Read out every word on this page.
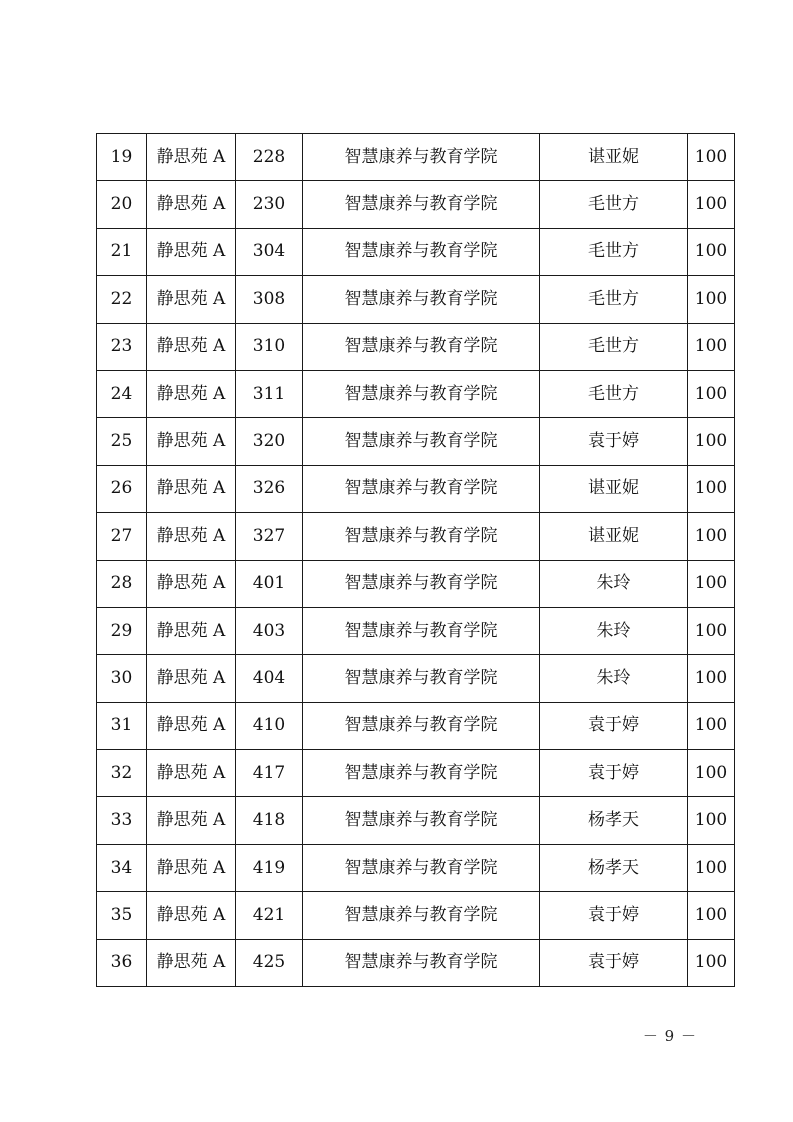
19	静思苑 A	228	智慧康养与教育学院	谌亚妮	100
20	静思苑 A	230	智慧康养与教育学院	毛世方	100
21	静思苑 A	304	智慧康养与教育学院	毛世方	100
22	静思苑 A	308	智慧康养与教育学院	毛世方	100
23	静思苑 A	310	智慧康养与教育学院	毛世方	100
24	静思苑 A	311	智慧康养与教育学院	毛世方	100
25	静思苑 A	320	智慧康养与教育学院	袁于婷	100
26	静思苑 A	326	智慧康养与教育学院	谌亚妮	100
27	静思苑 A	327	智慧康养与教育学院	谌亚妮	100
28	静思苑 A	401	智慧康养与教育学院	朱玲	100
29	静思苑 A	403	智慧康养与教育学院	朱玲	100
30	静思苑 A	404	智慧康养与教育学院	朱玲	100
31	静思苑 A	410	智慧康养与教育学院	袁于婷	100
32	静思苑 A	417	智慧康养与教育学院	袁于婷	100
33	静思苑 A	418	智慧康养与教育学院	杨孝天	100
34	静思苑 A	419	智慧康养与教育学院	杨孝天	100
35	静思苑 A	421	智慧康养与教育学院	袁于婷	100
36	静思苑 A	425	智慧康养与教育学院	袁于婷	100
－ 9 －
